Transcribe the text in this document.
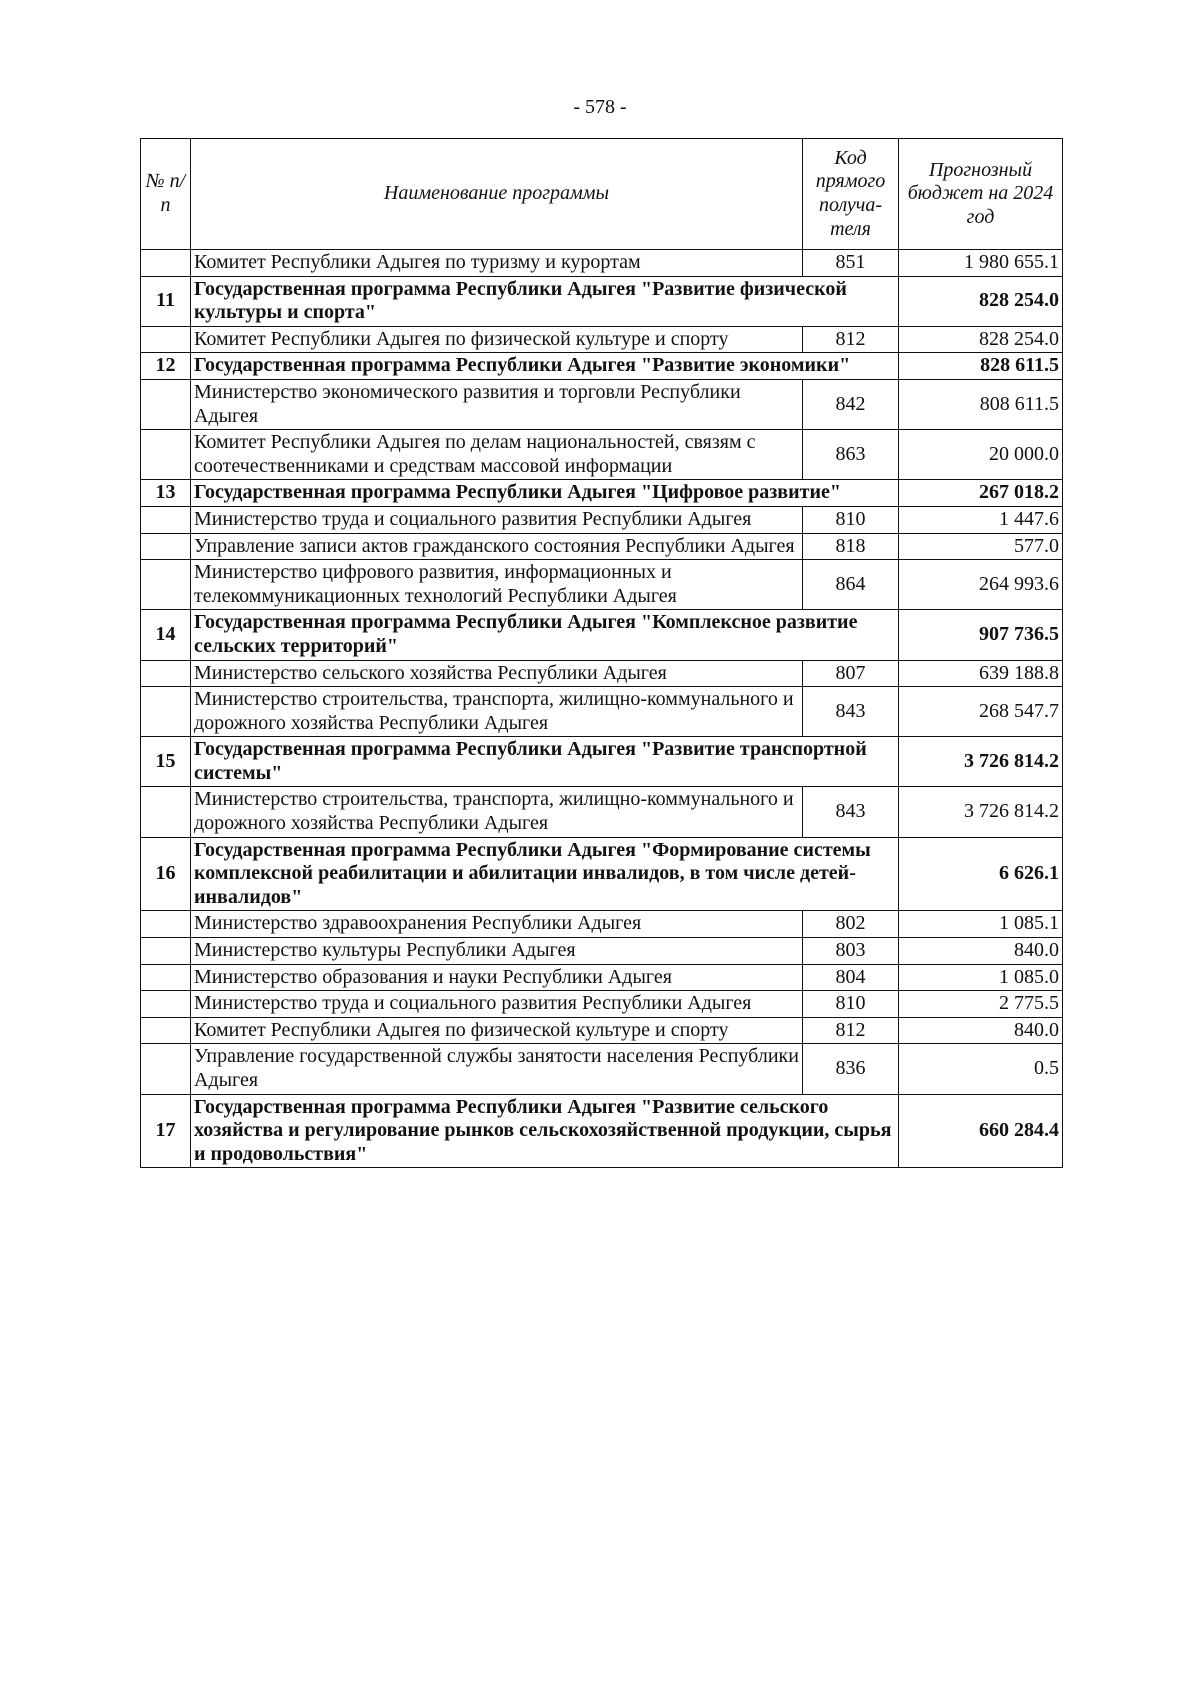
- 578 -
№ п/п	Наименование программы	Код прямого получа-теля	Прогнозный бюджет на 2024 год
	Комитет Республики Адыгея по туризму и курортам	851	1 980 655.1
11	Государственная программа Республики Адыгея "Развитие физической культуры и спорта"		828 254.0
	Комитет Республики Адыгея по физической культуре и спорту	812	828 254.0
12	Государственная программа Республики Адыгея "Развитие экономики"		828 611.5
	Министерство экономического развития и торговли Республики Адыгея	842	808 611.5
	Комитет Республики Адыгея по делам национальностей, связям с соотечественниками и средствам массовой информации	863	20 000.0
13	Государственная программа Республики Адыгея "Цифровое развитие"		267 018.2
	Министерство труда и социального развития Республики Адыгея	810	1 447.6
	Управление записи актов гражданского состояния Республики Адыгея	818	577.0
	Министерство цифрового развития, информационных и телекоммуникационных технологий Республики Адыгея	864	264 993.6
14	Государственная программа Республики Адыгея "Комплексное развитие сельских территорий"		907 736.5
	Министерство сельского хозяйства Республики Адыгея	807	639 188.8
	Министерство строительства, транспорта, жилищно-коммунального и дорожного хозяйства Республики Адыгея	843	268 547.7
15	Государственная программа Республики Адыгея "Развитие транспортной системы"		3 726 814.2
	Министерство строительства, транспорта, жилищно-коммунального и дорожного хозяйства Республики Адыгея	843	3 726 814.2
16	Государственная программа Республики Адыгея "Формирование системы комплексной реабилитации и абилитации инвалидов, в том числе детей-инвалидов"		6 626.1
	Министерство здравоохранения Республики Адыгея	802	1 085.1
	Министерство культуры Республики Адыгея	803	840.0
	Министерство образования и науки Республики Адыгея	804	1 085.0
	Министерство труда и социального развития Республики Адыгея	810	2 775.5
	Комитет Республики Адыгея по физической культуре и спорту	812	840.0
	Управление государственной службы занятости населения Республики Адыгея	836	0.5
17	Государственная программа Республики Адыгея "Развитие сельского хозяйства и регулирование рынков сельскохозяйственной продукции, сырья и продовольствия"		660 284.4
